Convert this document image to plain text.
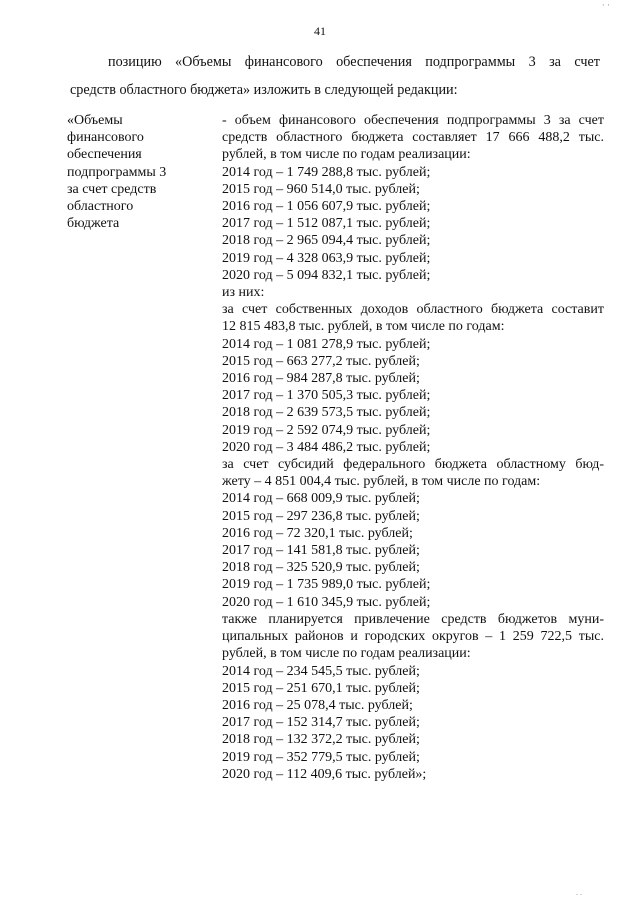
· ·
41
позицию «Объемы финансового обеспечения подпрограммы 3 за счет
средств областного бюджета» изложить в следующей редакции:
«Объемы
финансового
обеспечения
подпрограммы 3
за счет средств
областного
бюджета
- объем финансового обеспечения подпрограммы 3 за счет
средств областного бюджета составляет 17 666 488,2 тыс.
рублей, в том числе по годам реализации:
2014 год – 1 749 288,8 тыс. рублей;
2015 год – 960 514,0 тыс. рублей;
2016 год – 1 056 607,9 тыс. рублей;
2017 год – 1 512 087,1 тыс. рублей;
2018 год – 2 965 094,4 тыс. рублей;
2019 год – 4 328 063,9 тыс. рублей;
2020 год – 5 094 832,1 тыс. рублей;
из них:
за счет собственных доходов областного бюджета составит
12 815 483,8 тыс. рублей, в том числе по годам:
2014 год – 1 081 278,9 тыс. рублей;
2015 год – 663 277,2 тыс. рублей;
2016 год – 984 287,8 тыс. рублей;
2017 год – 1 370 505,3 тыс. рублей;
2018 год – 2 639 573,5 тыс. рублей;
2019 год – 2 592 074,9 тыс. рублей;
2020 год – 3 484 486,2 тыс. рублей;
за счет субсидий федерального бюджета областному бюд-
жету – 4 851 004,4 тыс. рублей, в том числе по годам:
2014 год – 668 009,9 тыс. рублей;
2015 год – 297 236,8 тыс. рублей;
2016 год – 72 320,1 тыс. рублей;
2017 год – 141 581,8 тыс. рублей;
2018 год – 325 520,9 тыс. рублей;
2019 год – 1 735 989,0 тыс. рублей;
2020 год – 1 610 345,9 тыс. рублей;
также планируется привлечение средств бюджетов муни-
ципальных районов и городских округов – 1 259 722,5 тыс.
рублей, в том числе по годам реализации:
2014 год – 234 545,5 тыс. рублей;
2015 год – 251 670,1 тыс. рублей;
2016 год – 25 078,4 тыс. рублей;
2017 год – 152 314,7 тыс. рублей;
2018 год – 132 372,2 тыс. рублей;
2019 год – 352 779,5 тыс. рублей;
2020 год – 112 409,6 тыс. рублей»;
. .
